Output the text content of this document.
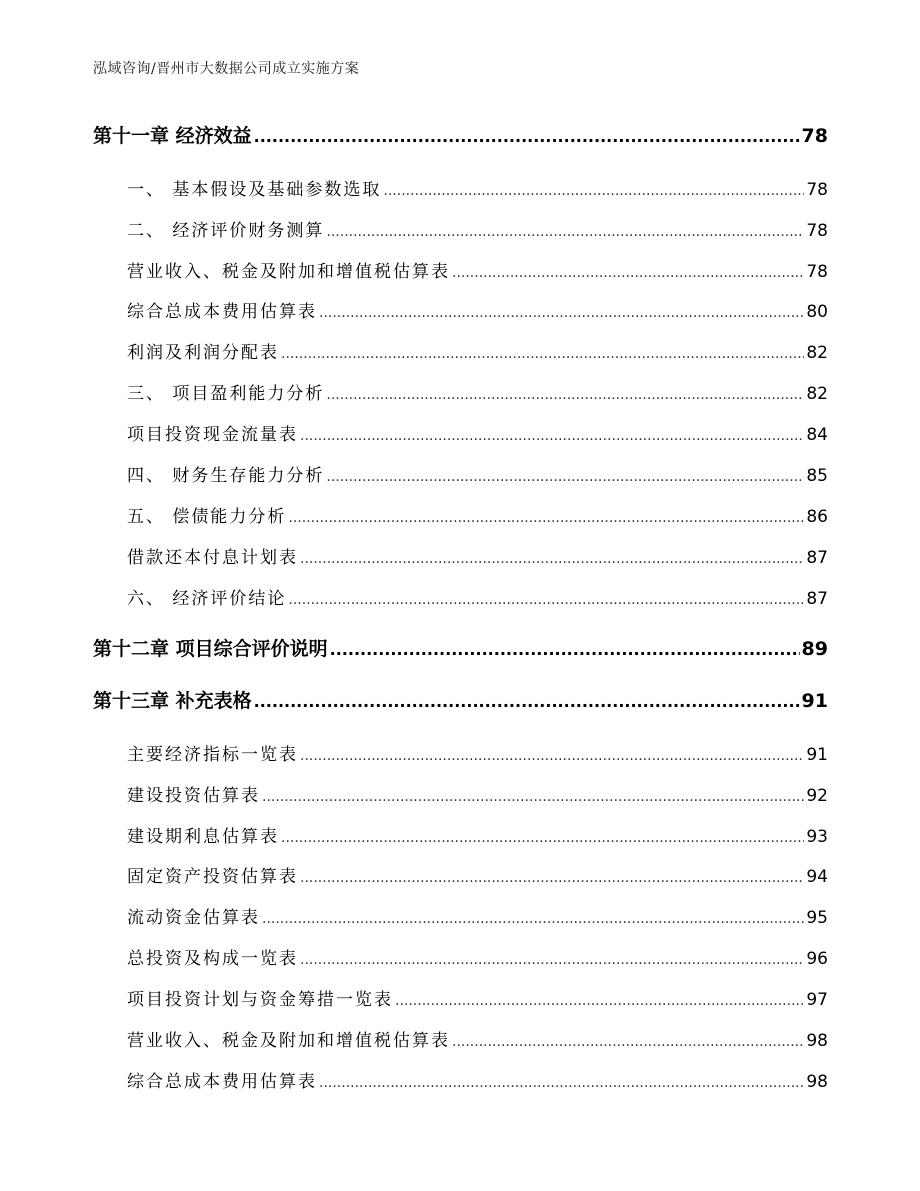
泓域咨询/晋州市大数据公司成立实施方案
第十一章 经济效益 .....	78
一、 基本假设及基础参数选取 .....	78
二、 经济评价财务测算 .....	78
营业收入、税金及附加和增值税估算表 .....	78
综合总成本费用估算表 .....	80
利润及利润分配表 .....	82
三、 项目盈利能力分析 .....	82
项目投资现金流量表 .....	84
四、 财务生存能力分析 .....	85
五、 偿债能力分析 .....	86
借款还本付息计划表 .....	87
六、 经济评价结论 .....	87
第十二章 项目综合评价说明 .....	89
第十三章 补充表格 .....	91
主要经济指标一览表 .....	91
建设投资估算表 .....	92
建设期利息估算表 .....	93
固定资产投资估算表 .....	94
流动资金估算表 .....	95
总投资及构成一览表 .....	96
项目投资计划与资金筹措一览表 .....	97
营业收入、税金及附加和增值税估算表 .....	98
综合总成本费用估算表 .....	98
